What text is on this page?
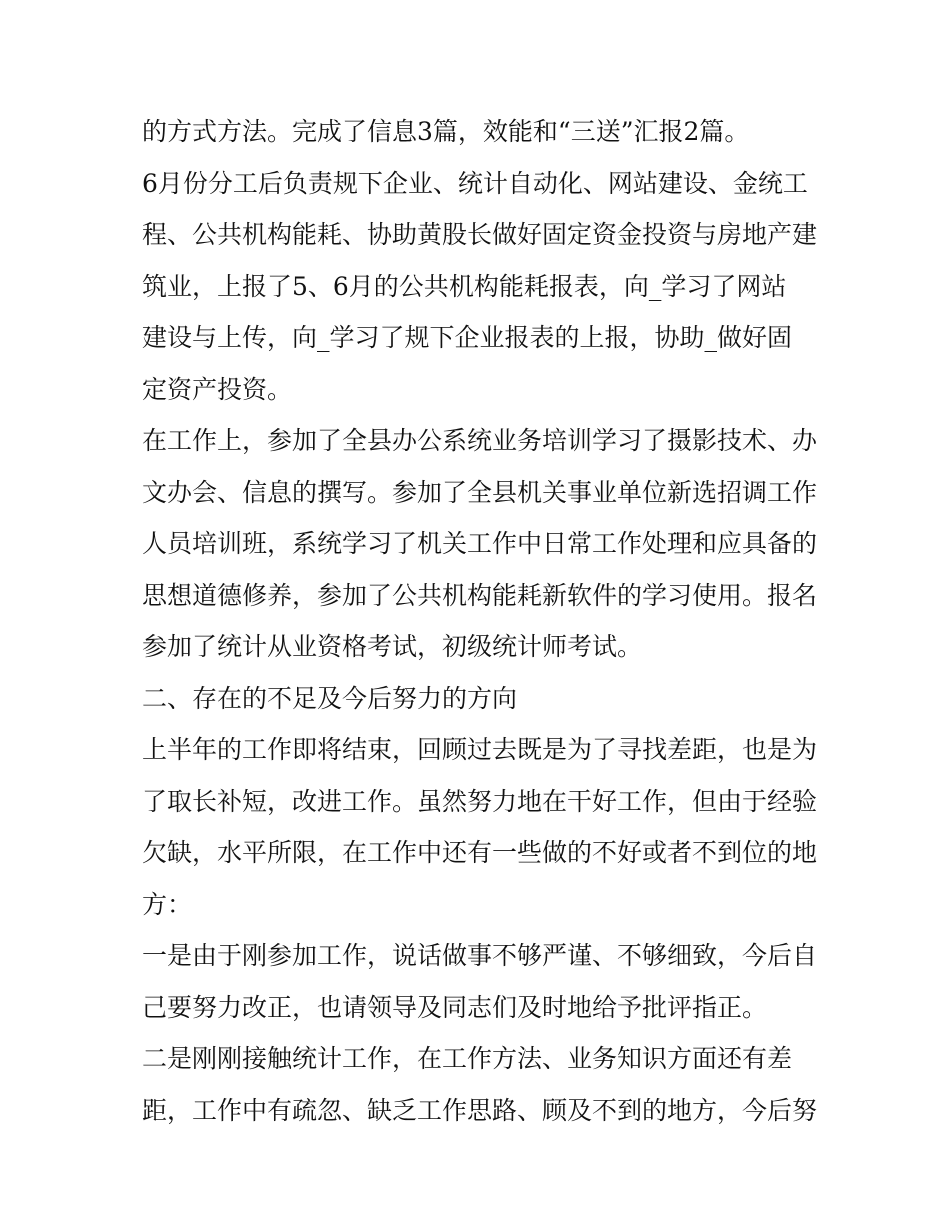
的方式方法。完成了信息3篇，效能和“三送”汇报2篇。
6月份分工后负责规下企业、统计自动化、网站建设、金统工
程、公共机构能耗、协助黄股长做好固定资金投资与房地产建
筑业，上报了5、6月的公共机构能耗报表，向_学习了网站
建设与上传，向_学习了规下企业报表的上报，协助_做好固
定资产投资。
在工作上，参加了全县办公系统业务培训学习了摄影技术、办
文办会、信息的撰写。参加了全县机关事业单位新选招调工作
人员培训班，系统学习了机关工作中日常工作处理和应具备的
思想道德修养，参加了公共机构能耗新软件的学习使用。报名
参加了统计从业资格考试，初级统计师考试。
二、存在的不足及今后努力的方向
上半年的工作即将结束，回顾过去既是为了寻找差距，也是为
了取长补短，改进工作。虽然努力地在干好工作，但由于经验
欠缺，水平所限，在工作中还有一些做的不好或者不到位的地
方：
一是由于刚参加工作，说话做事不够严谨、不够细致，今后自
己要努力改正，也请领导及同志们及时地给予批评指正。
二是刚刚接触统计工作，在工作方法、业务知识方面还有差
距，工作中有疏忽、缺乏工作思路、顾及不到的地方，今后努
